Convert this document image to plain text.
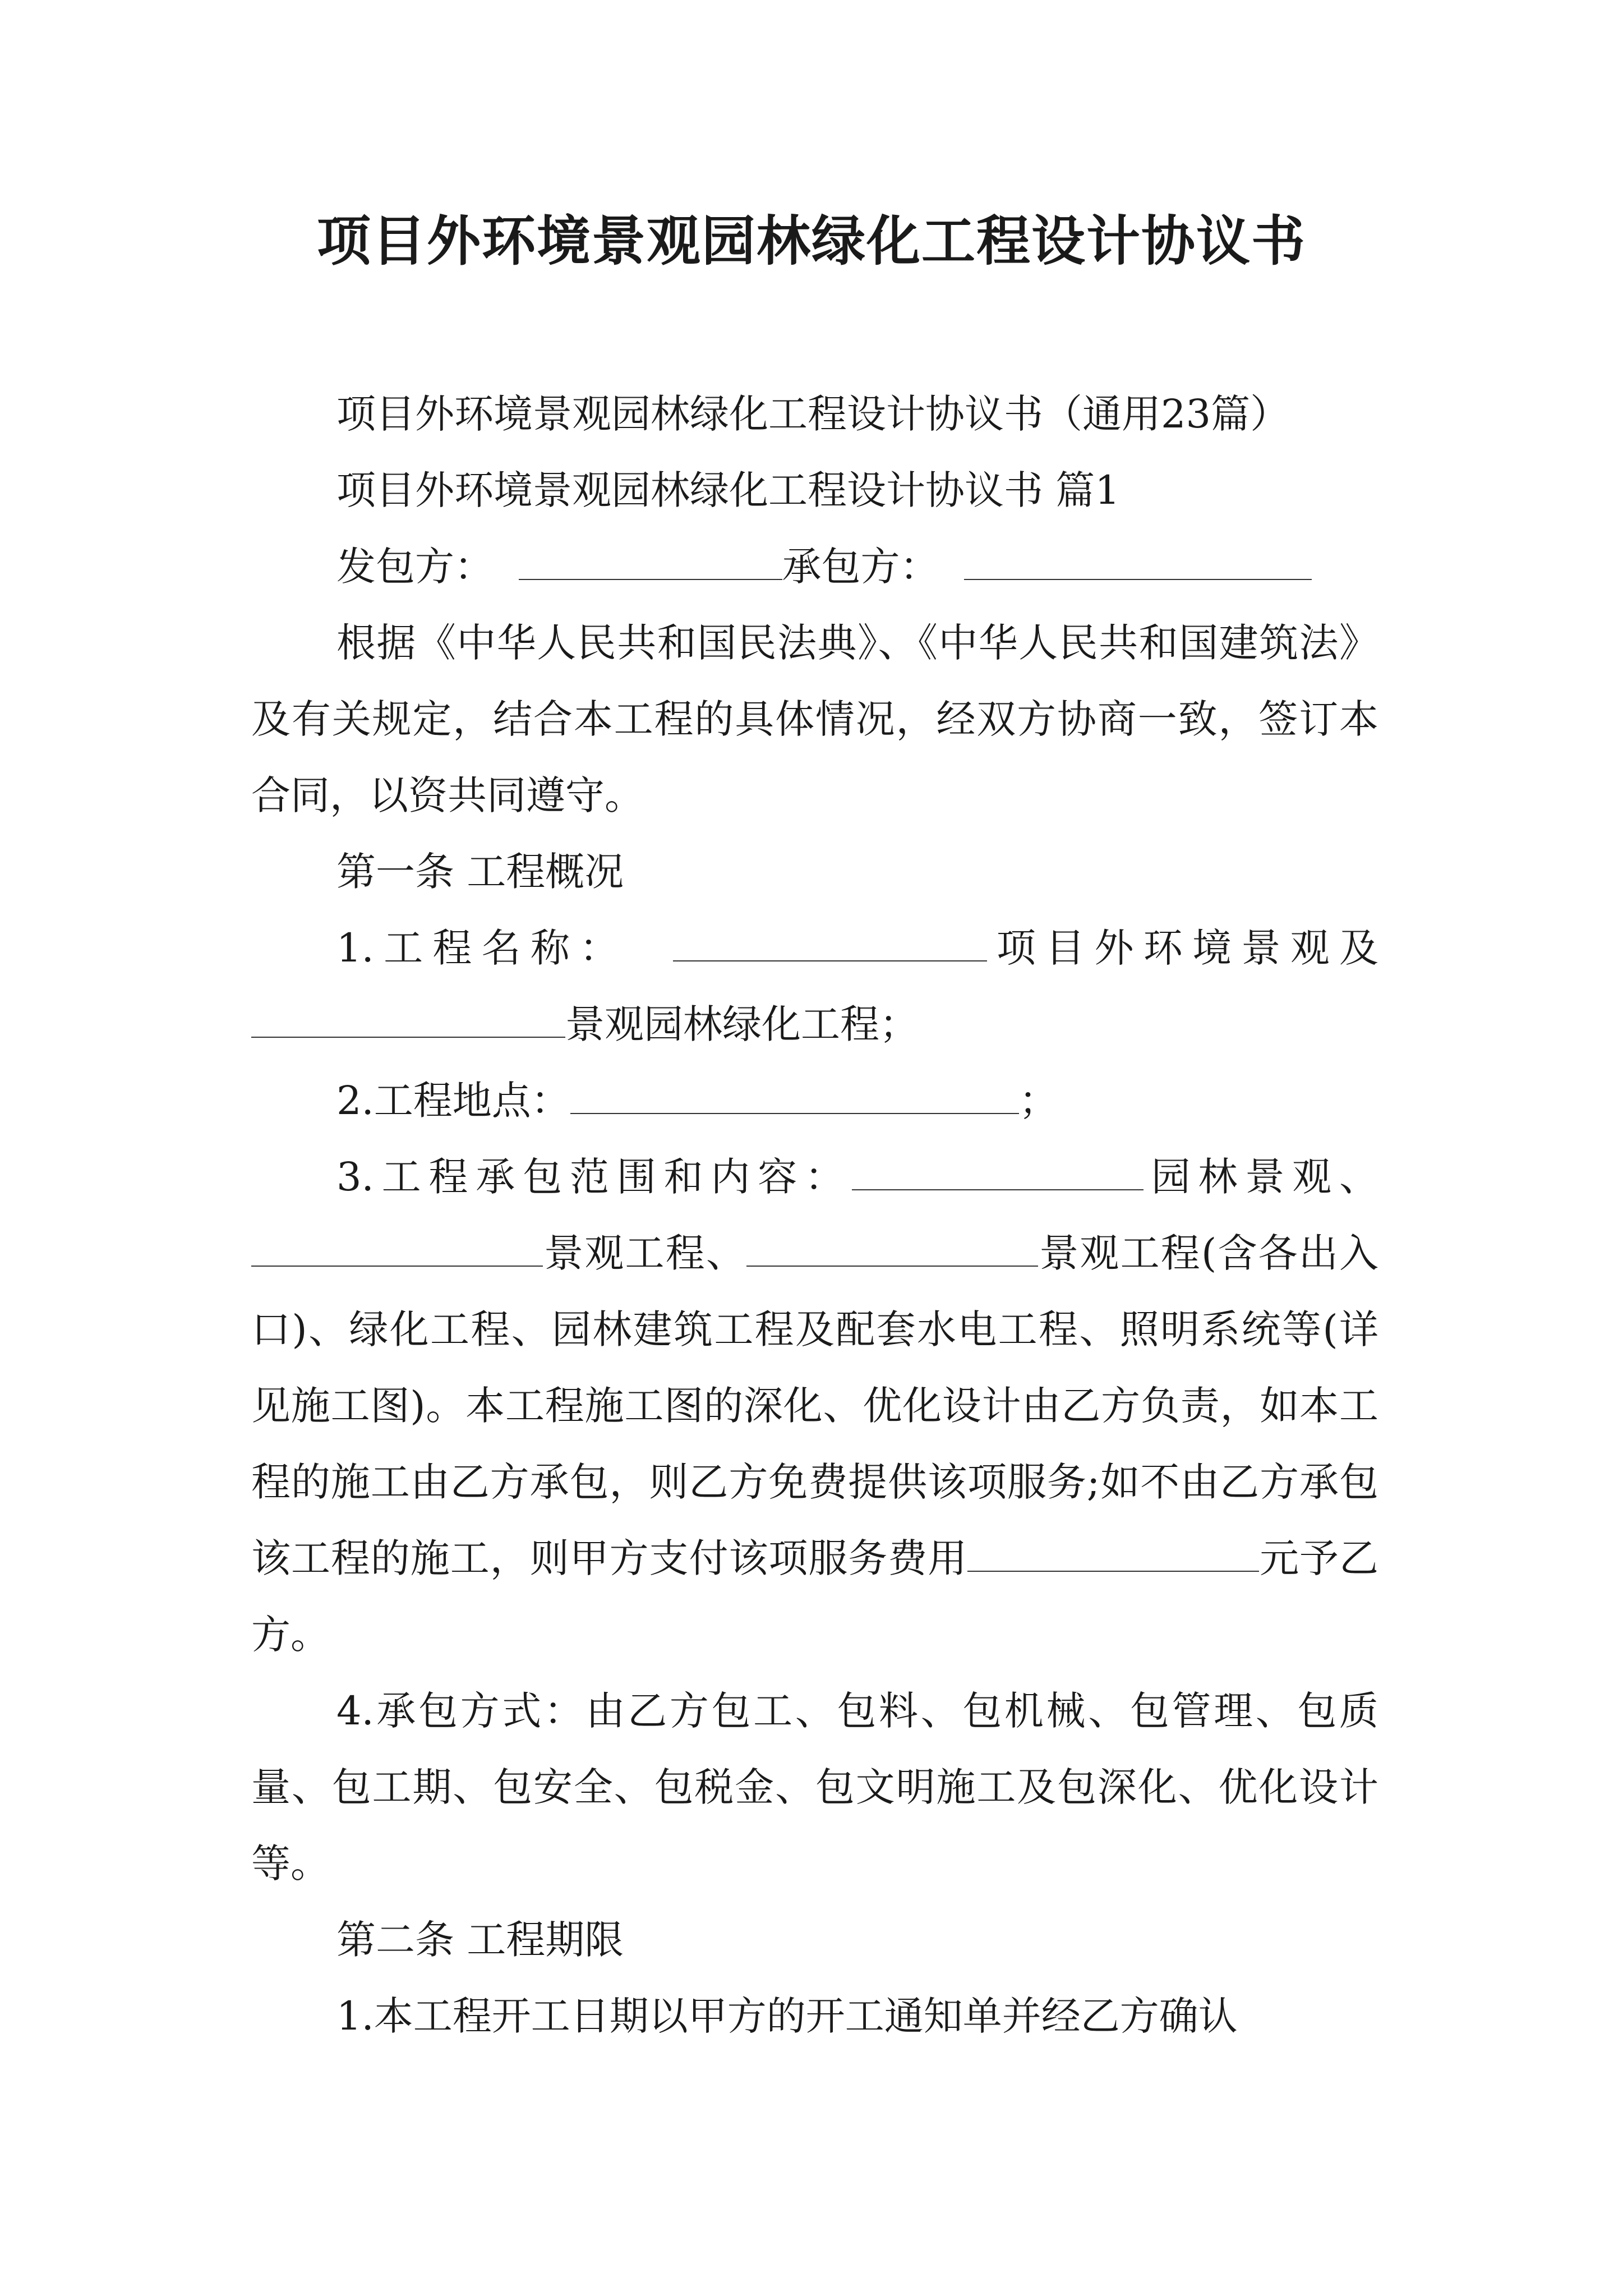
项目外环境景观园林绿化工程设计协议书

项目外环境景观园林绿化工程设计协议书（通用23篇）

项目外环境景观园林绿化工程设计协议书 篇1

发包方：	承包方：

根据《中华人民共和国民法典》、《中华人民共和国建筑法》及有关规定，结合本工程的具体情况，经双方协商一致，签订本合同，以资共同遵守。

第一条 工程概况

1.工程名称：	项目外环境景观及景观园林绿化工程；

2.工程地点：	；

3.工程承包范围和内容：	园林景观、景观工程、	景观工程(含各出入口)、绿化工程、园林建筑工程及配套水电工程、照明系统等(详见施工图)。本工程施工图的深化、优化设计由乙方负责，如本工程的施工由乙方承包，则乙方免费提供该项服务;如不由乙方承包该工程的施工，则甲方支付该项服务费用	元予乙方。

4.承包方式：由乙方包工、包料、包机械、包管理、包质量、包工期、包安全、包税金、包文明施工及包深化、优化设计等。

第二条 工程期限

1.本工程开工日期以甲方的开工通知单并经乙方确认
